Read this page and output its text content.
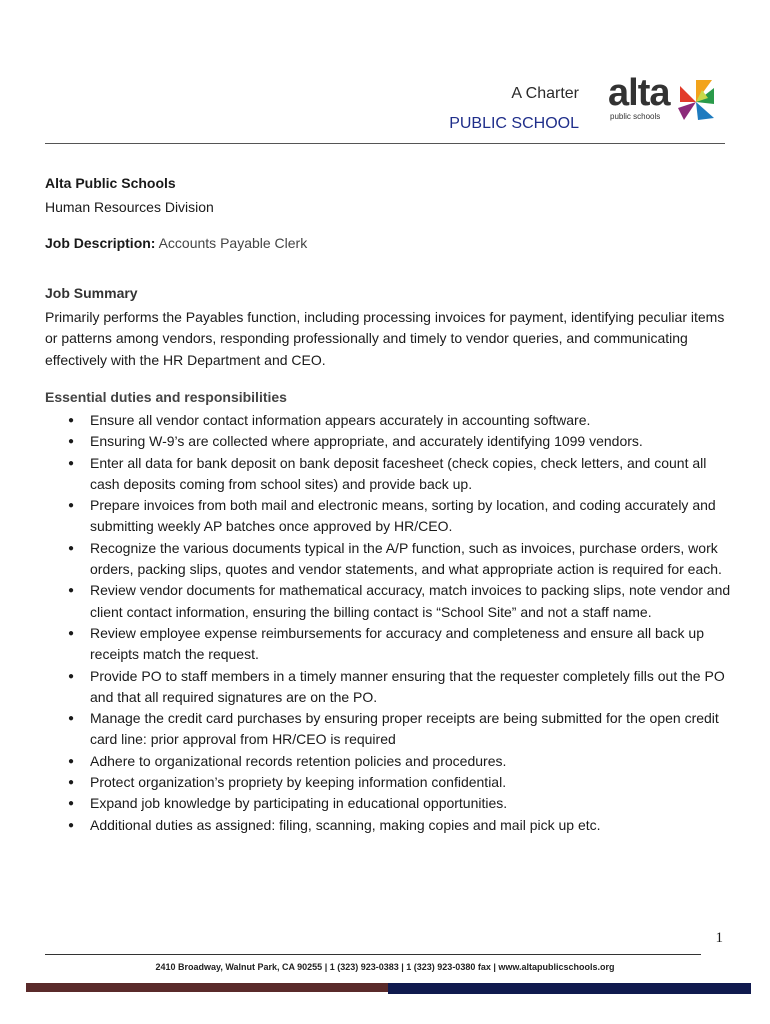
A Charter
PUBLIC SCHOOL
alta
public schools
Alta Public Schools
Human Resources Division
Job Description: Accounts Payable Clerk
Job Summary
Primarily performs the Payables function, including processing invoices for payment, identifying peculiar items or patterns among vendors, responding professionally and timely to vendor queries, and communicating effectively with the HR Department and CEO.
Essential duties and responsibilities
● Ensure all vendor contact information appears accurately in accounting software.
● Ensuring W-9’s are collected where appropriate, and accurately identifying 1099 vendors.
● Enter all data for bank deposit on bank deposit facesheet (check copies, check letters, and count all cash deposits coming from school sites) and provide back up.
● Prepare invoices from both mail and electronic means, sorting by location, and coding accurately and submitting weekly AP batches once approved by HR/CEO.
● Recognize the various documents typical in the A/P function, such as invoices, purchase orders, work orders, packing slips, quotes and vendor statements, and what appropriate action is required for each.
● Review vendor documents for mathematical accuracy, match invoices to packing slips, note vendor and client contact information, ensuring the billing contact is “School Site” and not a staff name.
● Review employee expense reimbursements for accuracy and completeness and ensure all back up receipts match the request.
● Provide PO to staff members in a timely manner ensuring that the requester completely fills out the PO and that all required signatures are on the PO.
● Manage the credit card purchases by ensuring proper receipts are being submitted for the open credit card line: prior approval from HR/CEO is required
● Adhere to organizational records retention policies and procedures.
● Protect organization’s propriety by keeping information confidential.
● Expand job knowledge by participating in educational opportunities.
● Additional duties as assigned: filing, scanning, making copies and mail pick up etc.
1
2410 Broadway, Walnut Park, CA 90255 | 1 (323) 923-0383 | 1 (323) 923-0380 fax | www.altapublicschools.org
